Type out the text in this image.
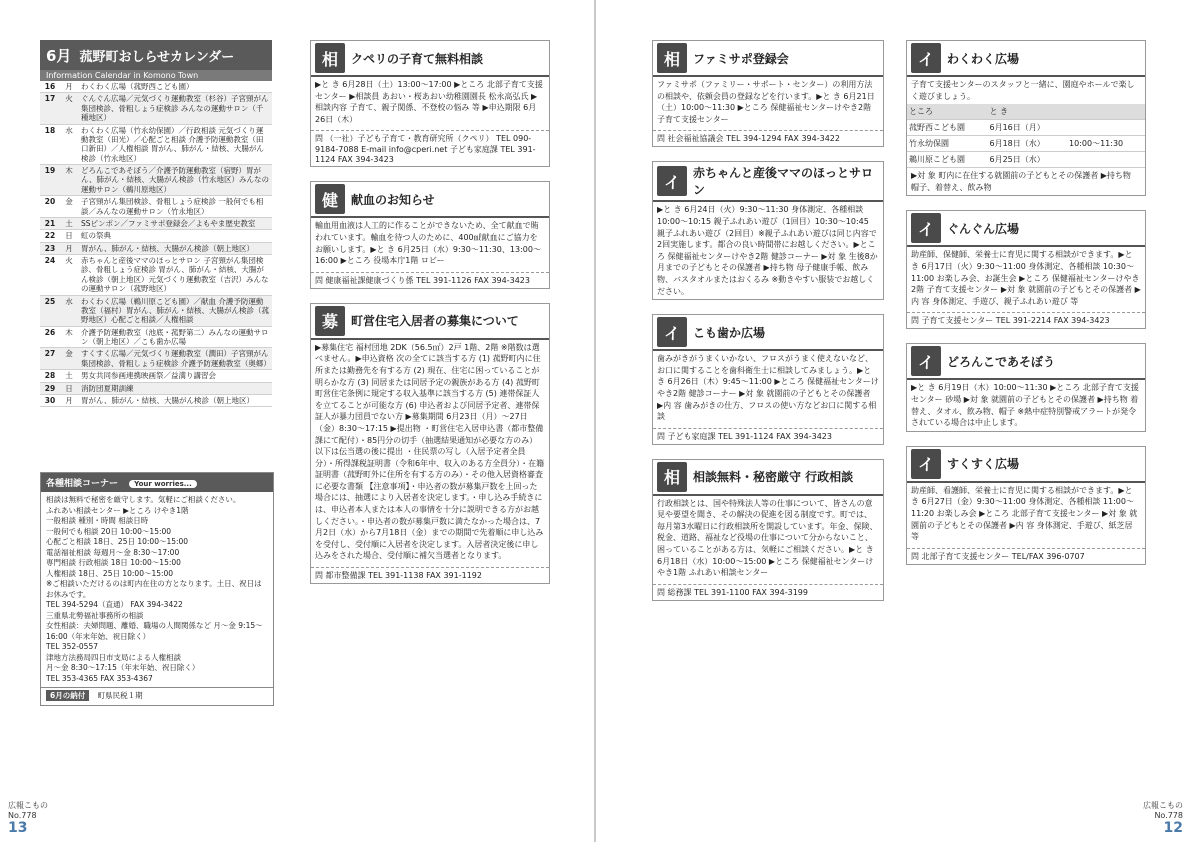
6月 菰野町おしらせカレンダー
Information Calendar in Komono Town
16	月	わくわく広場（菰野西こども園）
17	火	ぐんぐん広場／元気づくり運動教室（杉谷）子宮頸がん集団検診、骨粗しょう症検診 みんなの運動サロン（千種地区）
18	水	わくわく広場（竹永幼保園）／行政相談 元気づくり運動教室（田光）／心配ごと相談 介護予防運動教室（田口新田）／人権相談 胃がん、肺がん・結核、大腸がん検診（竹永地区）
19	木	どろんこであそぼう／介護予防運動教室（宿野）胃がん、肺がん・結核、大腸がん検診（竹永地区）みんなの運動サロン（鵜川原地区）
20	金	子宮頸がん集団検診、骨粗しょう症検診 一般何でも相談／みんなの運動サロン（竹永地区）
21	土	SSピンポン／ファミサポ登録会／よもやま歴史教室
22	日	虹の祭典
23	月	胃がん、肺がん・結核、大腸がん検診（朝上地区）
24	火	赤ちゃんと産後ママのほっとサロン 子宮頸がん集団検診、骨粗しょう症検診 胃がん、肺がん・結核、大腸がん検診（朝上地区）元気づくり運動教室（吉沢）みんなの運動サロン（菰野地区）
25	水	わくわく広場（鵜川原こども園）／献血 介護予防運動教室（福村）胃がん、肺がん・結核、大腸がん検診（菰野地区）心配ごと相談／人権相談
26	木	介護予防運動教室（池底・菰野第二）みんなの運動サロン（朝上地区）／こも歯か広場
27	金	すくすく広場／元気づくり運動教室（潤田）子宮頸がん集団検診、骨粗しょう症検診 介護予防運動教室（奥郷）
28	土	男女共同参画連携映画祭／益満り講習会
29	日	消防団夏期訓練
30	月	胃がん、肺がん・結核、大腸がん検診（朝上地区）
各種相談コーナー Your worries...
相談は無料で秘密を厳守します。気軽にご相談ください。
ふれあい相談センター ▶ところ けやき1階
一般相談 種別・時間 相談日時
一般何でも相談 20日 10:00〜15:00
心配ごと相談 18日、25日 10:00〜15:00
電話福祉相談 毎週月〜金 8:30〜17:00
専門相談 行政相談 18日 10:00〜15:00
人権相談 18日、25日 10:00〜15:00
※ご相談いただけるのは町内在住の方となります。土日、祝日はお休みです。
TEL 394-5294（直通） FAX 394-3422
三重県北勢福祉事務所の相談
女性相談：夫婦問題、離婚、職場の人間関係など 月〜金 9:15〜16:00（年末年始、祝日除く）
TEL 352-0557
津地方法務局四日市支局による人権相談
月〜金 8:30〜17:15（年末年始、祝日除く）
TEL 353-4365 FAX 353-4367
6月の納付 町県民税１期
相	クペリの子育て無料相談
▶と き 6月28日（土）13:00〜17:00 ▶ところ 北部子育て支援センター ▶相談員 あおい・桜あおい幼稚園園長 松永高弘氏 ▶相談内容 子育て、親子関係、不登校の悩み 等 ▶申込期限 6月26日（木）
問 （一社）子ども子育て・教育研究所（クペリ） TEL 090-9184-7088 E-mail info@cperi.net 子ども家庭課 TEL 391-1124 FAX 394-3423
健	献血のお知らせ
輸血用血液は人工的に作ることができないため、全て献血で賄われています。輸血を待つ人のために、400㎖献血にご協力をお願いします。▶と き 6月25日（水）9:30〜11:30、13:00〜16:00 ▶ところ 役場本庁1階 ロビー
問 健康福祉課健康づくり係 TEL 391-1126 FAX 394-3423
募	町営住宅入居者の募集について
▶募集住宅 福村団地 2DK（56.5㎡）2戸 1階、2階 ※階数は選べません。▶申込資格 次の全てに該当する方 (1) 菰野町内に住所または勤務先を有する方 (2) 現在、住宅に困っていることが明らかな方 (3) 同居または同居予定の親族がある方 (4) 菰野町町営住宅条例に規定する収入基準に該当する方 (5) 連帯保証人を立てることが可能な方 (6) 申込者および同居予定者、連帯保証人が暴力団員でない方 ▶募集期間 6月23日（月）〜27日（金）8:30〜17:15 ▶提出物 ・町営住宅入居申込書（都市整備課にて配付）・85円分の切手（抽選結果通知が必要な方のみ）以下は伝当選の後に提出 ・住民票の写し（入居予定者全員分）・所得課税証明書（令和6年中、収入のある方全員分）・在籍証明書（菰野町外に住所を有する方のみ）・その他入居資格審査に必要な書類 【注意事項】・申込者の数が募集戸数を上回った場合には、抽選により入居者を決定します。・申し込み手続きには、申込者本人または本人の事情を十分に説明できる方がお越しください。・申込者の数が募集戸数に満たなかった場合は、7月2日（水）から7月18日（金）までの期間で先着順に申し込みを受付し、受付順に入居者を決定します。入居者決定後に申し込みをされた場合、受付順に補欠当選者となります。
問 都市整備課 TEL 391-1138 FAX 391-1192
相	ファミサポ登録会
ファミサポ（ファミリー・サポート・センター）の利用方法の相談や、依頼会員の登録などを行います。▶と き 6月21日（土）10:00〜11:30 ▶ところ 保健福祉センターけやき2階 子育て支援センター
問 社会福祉協議会 TEL 394-1294 FAX 394-3422
イ	赤ちゃんと産後ママのほっとサロン
▶と き 6月24日（火）9:30〜11:30 身体測定、各種相談 10:00〜10:15 親子ふれあい遊び（1回目）10:30〜10:45 親子ふれあい遊び（2回目）※親子ふれあい遊びは同じ内容で2回実施します。都合の良い時間帯にお越しください。▶ところ 保健福祉センターけやき2階 健診コーナー ▶対 象 生後8か月までの子どもとその保護者 ▶持ち物 母子健康手帳、飲み物、バスタオルまたはおくるみ ※動きやすい服装でお越しください。
イ	こも歯か広場
歯みがきがうまくいかない、フロスがうまく使えないなど、お口に関することを歯科衛生士に相談してみましょう。▶と き 6月26日（木）9:45〜11:00 ▶ところ 保健福祉センターけやき2階 健診コーナー ▶対 象 就園前の子どもとその保護者 ▶内 容 歯みがきの仕方、フロスの使い方などお口に関する相談
問 子ども家庭課 TEL 391-1124 FAX 394-3423
相	相談無料・秘密厳守 行政相談
行政相談とは、国や特殊法人等の仕事について、皆さんの意見や要望を聞き、その解決の促進を図る制度です。町では、毎月第3水曜日に行政相談所を開設しています。年金、保険、税金、道路、福祉など役場の仕事について分からないこと、困っていることがある方は、気軽にご相談ください。▶と き 6月18日（水）10:00〜15:00 ▶ところ 保健福祉センターけやき1階 ふれあい相談センター
問 総務課 TEL 391-1100 FAX 394-3199
イ	わくわく広場
子育て支援センターのスタッフと一緒に、園庭やホールで楽しく遊びましょう。
ところ	と き	
菰野西こども園	6月16日（月）	
竹永幼保園	6月18日（水）	10:00〜11:30
鵜川原こども園	6月25日（水）	
▶対 象 町内に在住する就園前の子どもとその保護者 ▶持ち物 帽子、着替え、飲み物
イ	ぐんぐん広場
助産師、保健師、栄養士に育児に関する相談ができます。▶と き 6月17日（火）9:30〜11:00 身体測定、各種相談 10:30〜11:00 お楽しみ会、お誕生会 ▶ところ 保健福祉センターけやき2階 子育て支援センター ▶対 象 就園前の子どもとその保護者 ▶内 容 身体測定、手遊び、親子ふれあい遊び 等
問 子育て支援センター TEL 391-2214 FAX 394-3423
イ	どろんこであそぼう
▶と き 6月19日（木）10:00〜11:30 ▶ところ 北部子育て支援センター 砂場 ▶対 象 就園前の子どもとその保護者 ▶持ち物 着替え、タオル、飲み物、帽子 ※熱中症特別警戒アラートが発令されている場合は中止します。
イ	すくすく広場
助産師、看護師、栄養士に育児に関する相談ができます。▶と き 6月27日（金）9:30〜11:00 身体測定、各種相談 11:00〜11:20 お楽しみ会 ▶ところ 北部子育て支援センター ▶対 象 就園前の子どもとその保護者 ▶内 容 身体測定、手遊び、紙芝居 等
問 北部子育て支援センター TEL/FAX 396-0707
広報こもの
No.778
13
広報こもの
No.778
12
